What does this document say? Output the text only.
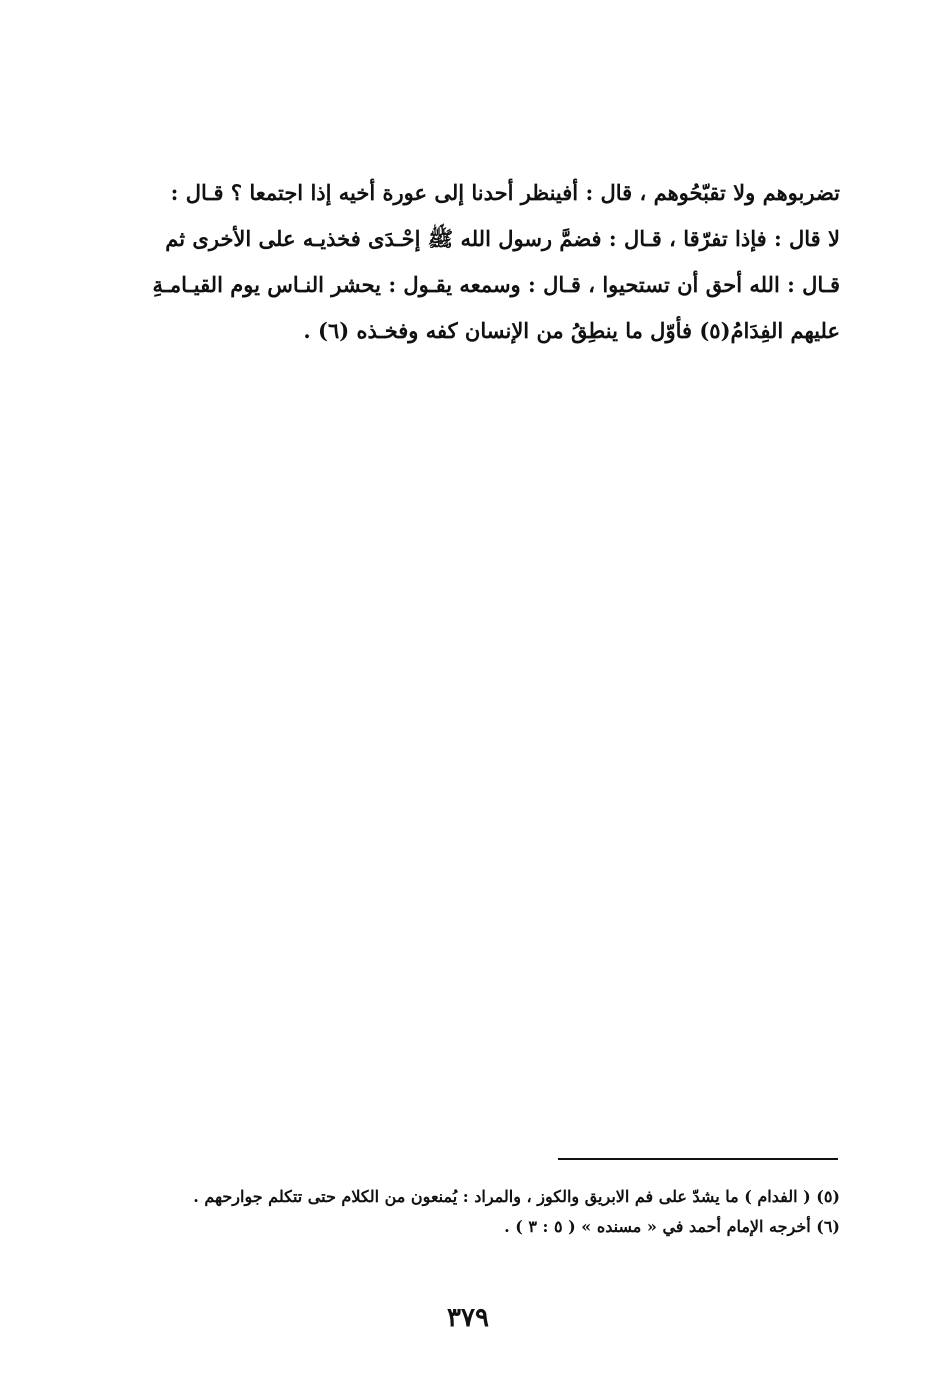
تضربوهم ولا تقبّحُوهم ، قال : أفينظر أحدنا إلى عورة أخيه إذا اجتمعا ؟ قـال :
لا قال : فإذا تفرّقا ، قـال : فضمَّ رسول الله ﷺ إحْـدَى فخذيـه على الأخرى ثم
قـال : الله أحق أن تستحيوا ، قـال : وسمعه يقـول : يحشر النـاس يوم القيـامـةِ
عليهم الفِدَامُ(٥) فأوّل ما ينطِقُ من الإنسان كفه وفخـذه (٦) .
(٥) ( الفدام ) ما يشدّ على فم الابريق والكوز ، والمراد : يُمنعون من الكلام حتى تتكلم جوارحهم .
(٦) أخرجه الإمام أحمد في « مسنده » ( ٥ : ٣ ) .
٣٧٩
